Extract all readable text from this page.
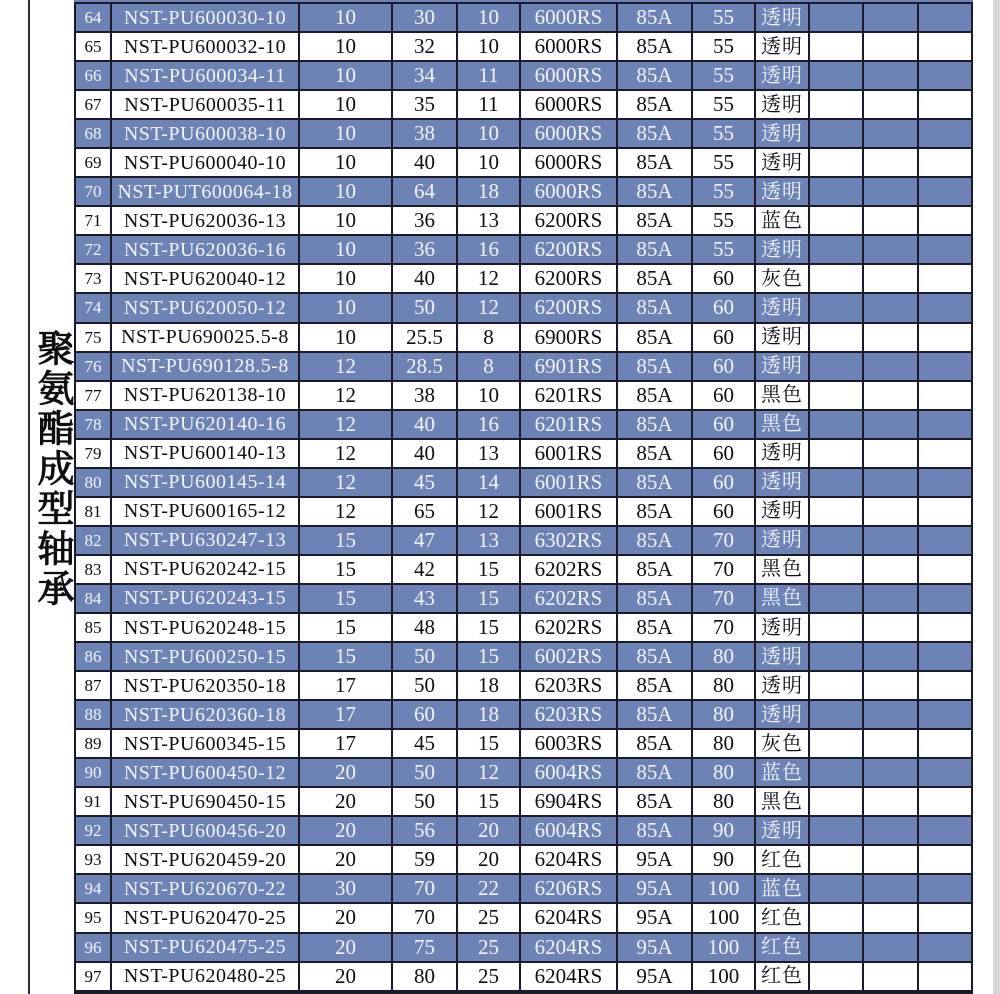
聚氨酯成型轴承
64	NST-PU600030-10	10	30	10	6000RS	85A	55	透明
65	NST-PU600032-10	10	32	10	6000RS	85A	55	透明
66	NST-PU600034-11	10	34	11	6000RS	85A	55	透明
67	NST-PU600035-11	10	35	11	6000RS	85A	55	透明
68	NST-PU600038-10	10	38	10	6000RS	85A	55	透明
69	NST-PU600040-10	10	40	10	6000RS	85A	55	透明
70 NST-PUT600064-18	10	64	18	6000RS	85A	55	透明
71	NST-PU620036-13	10	36	13	6200RS	85A	55	蓝色
72	NST-PU620036-16	10	36	16	6200RS	85A	55	透明
73	NST-PU620040-12	10	40	12	6200RS	85A	60	灰色
74	NST-PU620050-12	10	50	12	6200RS	85A	60	透明
75 NST-PU690025.5-8	10	25.5	8	6900RS	85A	60	透明
76 NST-PU690128.5-8	12	28.5	8	6901RS	85A	60	透明
77	NST-PU620138-10	12	38	10	6201RS	85A	60	黑色
78	NST-PU620140-16	12	40	16	6201RS	85A	60	黑色
79	NST-PU600140-13	12	40	13	6001RS	85A	60	透明
80	NST-PU600145-14	12	45	14	6001RS	85A	60	透明
81	NST-PU600165-12	12	65	12	6001RS	85A	60	透明
82	NST-PU630247-13	15	47	13	6302RS	85A	70	透明
83	NST-PU620242-15	15	42	15	6202RS	85A	70	黑色
84	NST-PU620243-15	15	43	15	6202RS	85A	70	黑色
85	NST-PU620248-15	15	48	15	6202RS	85A	70	透明
86	NST-PU600250-15	15	50	15	6002RS	85A	80	透明
87	NST-PU620350-18	17	50	18	6203RS	85A	80	透明
88	NST-PU620360-18	17	60	18	6203RS	85A	80	透明
89	NST-PU600345-15	17	45	15	6003RS	85A	80	灰色
90	NST-PU600450-12	20	50	12	6004RS	85A	80	蓝色
91	NST-PU690450-15	20	50	15	6904RS	85A	80	黑色
92	NST-PU600456-20	20	56	20	6004RS	85A	90	透明
93	NST-PU620459-20	20	59	20	6204RS	95A	90	红色
94	NST-PU620670-22	30	70	22	6206RS	95A	100	蓝色
95	NST-PU620470-25	20	70	25	6204RS	95A	100	红色
96	NST-PU620475-25	20	75	25	6204RS	95A	100	红色
97	NST-PU620480-25	20	80	25	6204RS	95A	100	红色
